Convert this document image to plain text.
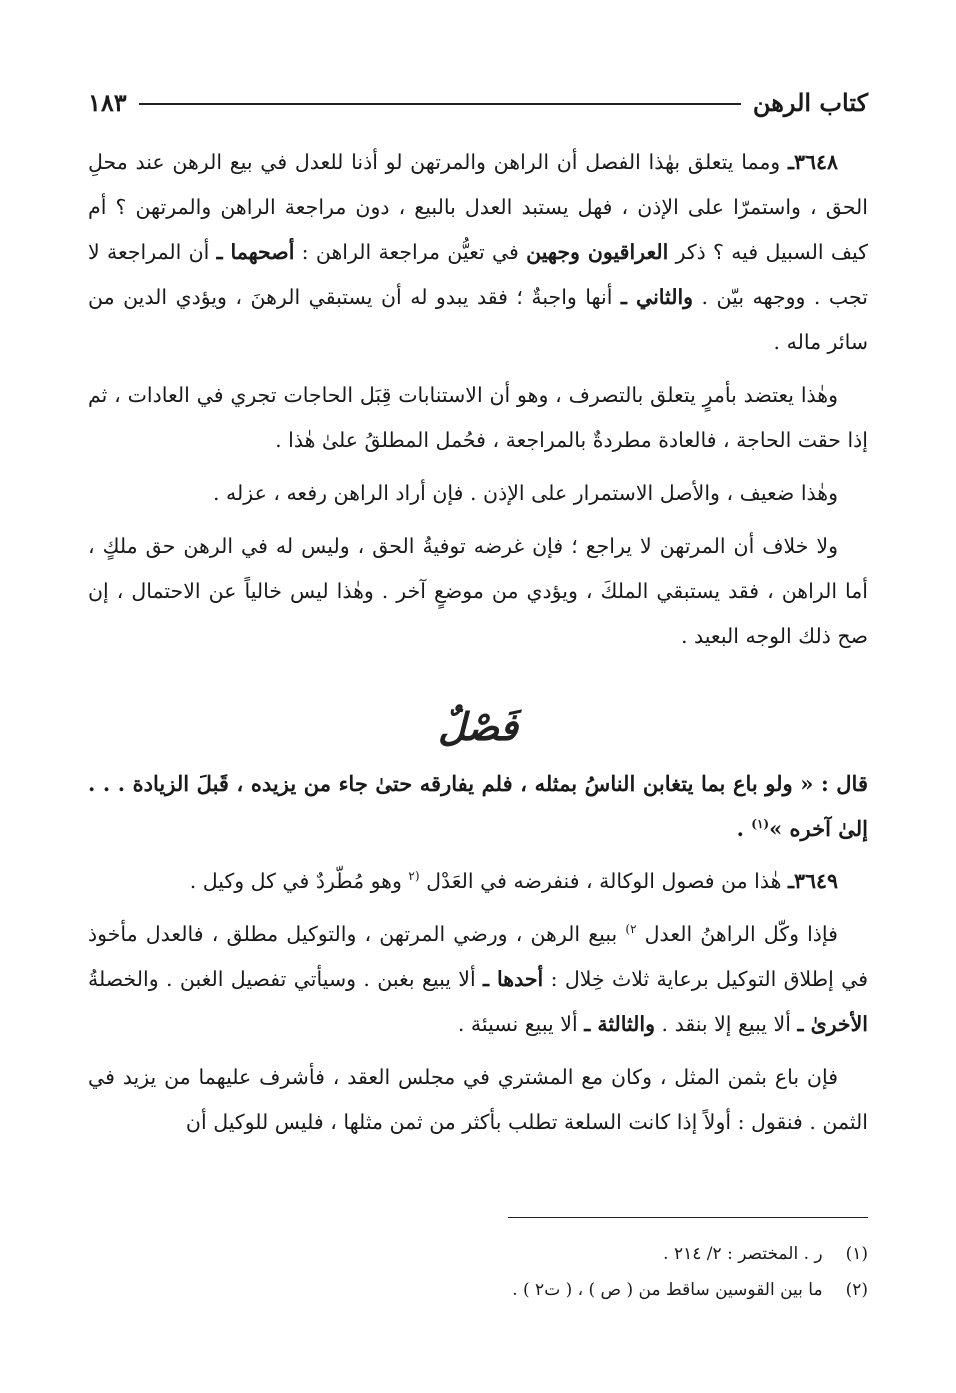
كتاب الرهن
١٨٣

٣٦٤٨ـ ومما يتعلق بهٰذا الفصل أن الراهن والمرتهن لو أذنا للعدل في بيع الرهن عند محلِ الحق ، واستمرّا على الإذن ، فهل يستبد العدل بالبيع ، دون مراجعة الراهن والمرتهن ؟ أم كيف السبيل فيه ؟ ذكر العراقيون وجهين في تعيُّن مراجعة الراهن : أصحهما ـ أن المراجعة لا تجب . ووجهه بيّن . والثاني ـ أنها واجبةٌ ؛ فقد يبدو له أن يستبقي الرهنَ ، ويؤدي الدين من سائر ماله .

وهٰذا يعتضد بأمرٍ يتعلق بالتصرف ، وهو أن الاستنابات قِبَل الحاجات تجري في العادات ، ثم إذا حقت الحاجة ، فالعادة مطردةٌ بالمراجعة ، فحُمل المطلقُ علىٰ هٰذا .

وهٰذا ضعيف ، والأصل الاستمرار على الإذن . فإن أراد الراهن رفعه ، عزله .

ولا خلاف أن المرتهن لا يراجع ؛ فإن غرضه توفيةُ الحق ، وليس له في الرهن حق ملكٍ ، أما الراهن ، فقد يستبقي الملكَ ، ويؤدي من موضعٍ آخر . وهٰذا ليس خالياً عن الاحتمال ، إن صح ذلك الوجه البعيد .

فَصْلٌ

قال : « ولو باع بما يتغابن الناسُ بمثله ، فلم يفارقه حتىٰ جاء من يزيده ، قَبلَ الزيادة . . . إلىٰ آخره »$^{(١)}$ .

٣٦٤٩ـ هٰذا من فصول الوكالة ، فنفرضه في العَدْل $^{(٢}$ وهو مُطّردٌ في كل وكيل .

فإذا وكّل الراهنُ العدل $^{٢)}$ ببيع الرهن ، ورضي المرتهن ، والتوكيل مطلق ، فالعدل مأخوذ في إطلاق التوكيل برعاية ثلاث خِلال : أحدها ـ ألا يبيع بغبن . وسيأتي تفصيل الغبن . والخصلةُ الأخرىٰ ـ ألا يبيع إلا بنقد . والثالثة ـ ألا يبيع نسيئة .

فإن باع بثمن المثل ، وكان مع المشتري في مجلس العقد ، فأشرف عليهما من يزيد في الثمن . فنقول : أولاً إذا كانت السلعة تطلب بأكثر من ثمن مثلها ، فليس للوكيل أن

(١) ر . المختصر : ٢/ ٢١٤ .

(٢) ما بين القوسين ساقط من ( ص ) ، ( ت٢ ) .
